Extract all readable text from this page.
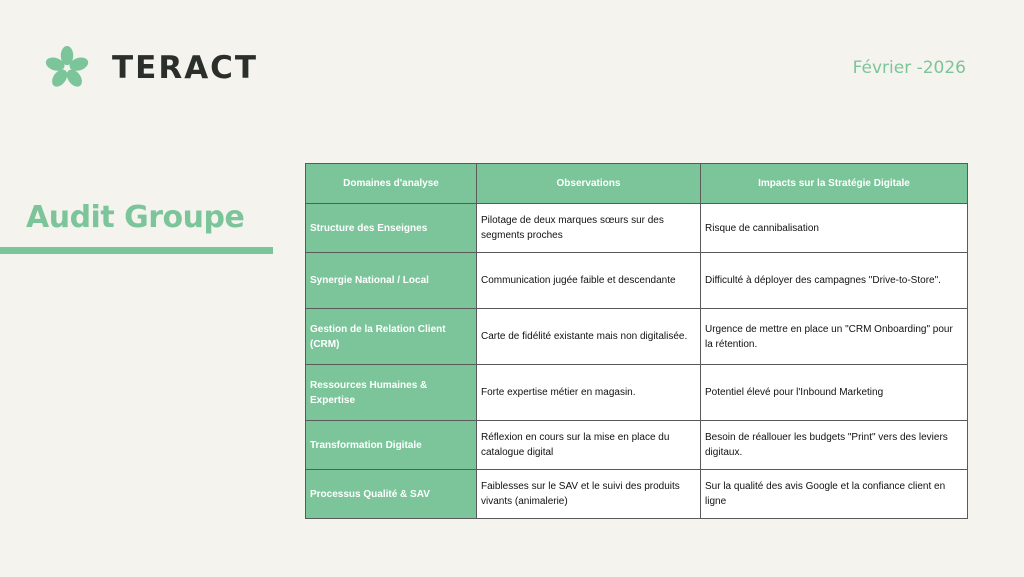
TERACT	Février -2026
Audit Groupe
Domaines d'analyse	Observations	Impacts sur la Stratégie Digitale
Structure des Enseignes	Pilotage de deux marques sœurs sur des segments proches	Risque de cannibalisation
Synergie National / Local	Communication jugée faible et descendante	Difficulté à déployer des campagnes "Drive-to-Store".
Gestion de la Relation Client (CRM)	Carte de fidélité existante mais non digitalisée.	Urgence de mettre en place un "CRM Onboarding" pour la rétention.
Ressources Humaines & Expertise	Forte expertise métier en magasin.	Potentiel élevé pour l'Inbound Marketing
Transformation Digitale	Réflexion en cours sur la mise en place du catalogue digital	Besoin de réallouer les budgets "Print" vers des leviers digitaux.
Processus Qualité & SAV	Faiblesses sur le SAV et le suivi des produits vivants (animalerie)	Sur la qualité des avis Google et la confiance client en ligne
